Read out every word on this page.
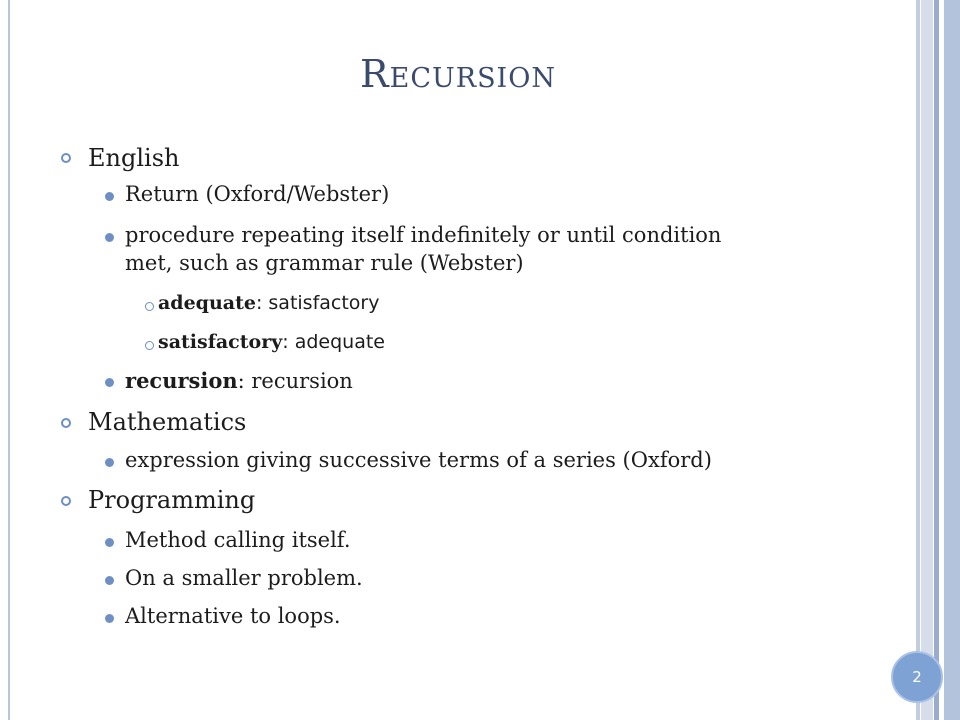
Recursion
English
Return (Oxford/Webster)
procedure repeating itself indefinitely or until condition
met, such as grammar rule (Webster)
adequate: satisfactory
satisfactory: adequate
recursion: recursion
Mathematics
expression giving successive terms of a series (Oxford)
Programming
Method calling itself.
On a smaller problem.
Alternative to loops.
2
